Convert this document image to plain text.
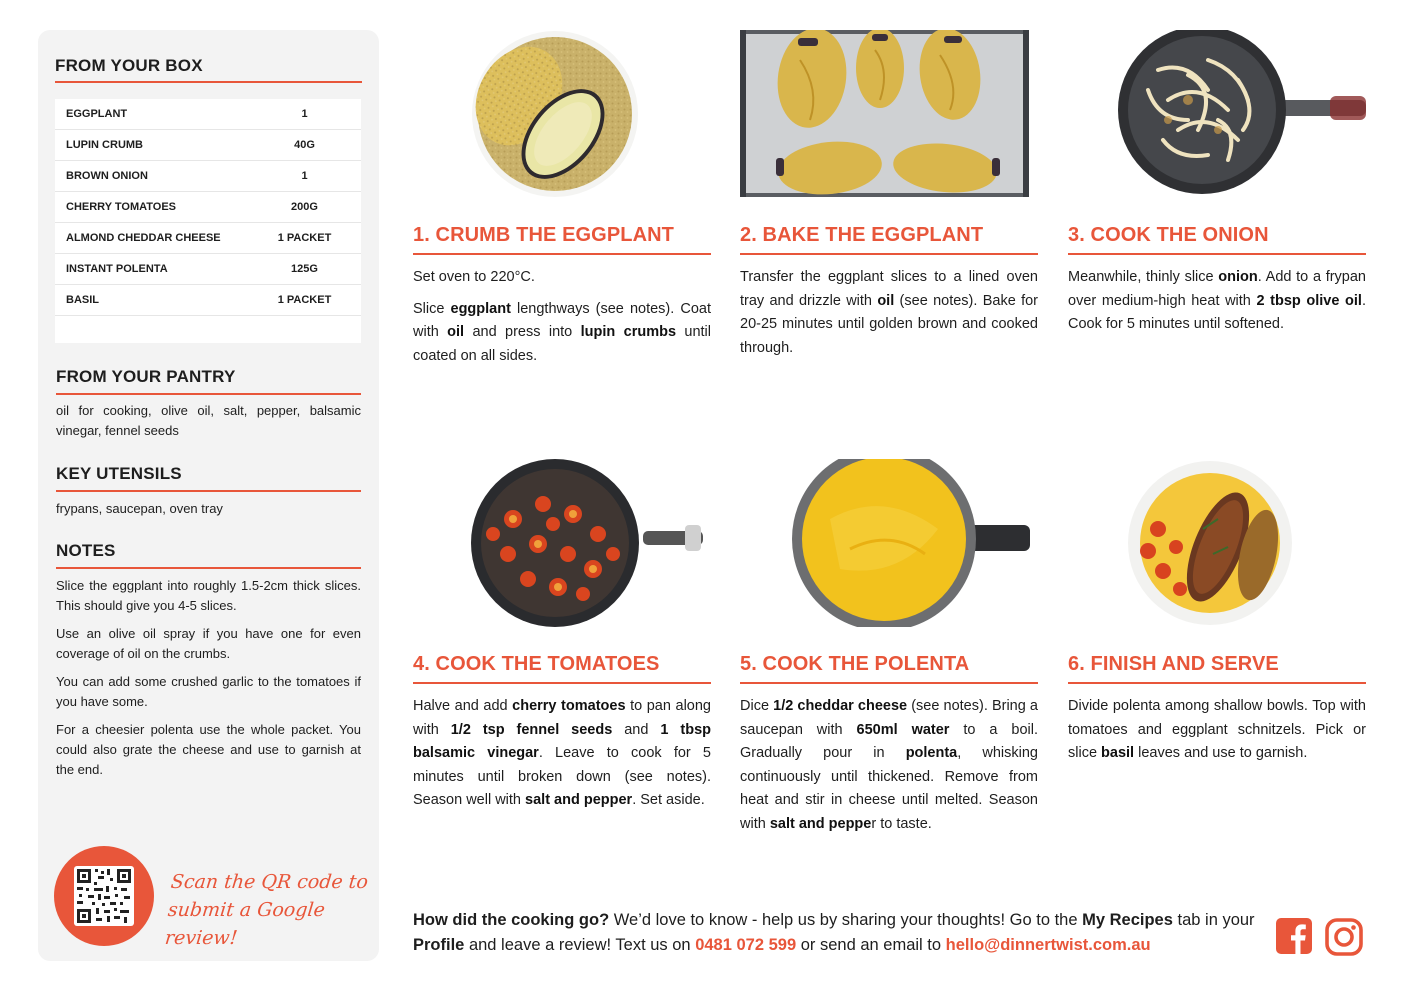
FROM YOUR BOX
EGGPLANT	1
LUPIN CRUMB	40G
BROWN ONION	1
CHERRY TOMATOES	200G
ALMOND CHEDDAR CHEESE	1 PACKET
INSTANT POLENTA	125G
BASIL	1 PACKET
FROM YOUR PANTRY
oil for cooking, olive oil, salt, pepper, balsamic vinegar, fennel seeds
KEY UTENSILS
frypans, saucepan, oven tray
NOTES

Slice the eggplant into roughly 1.5-2cm thick slices. This should give you 4-5 slices.

Use an olive oil spray if you have one for even coverage of oil on the crumbs.

You can add some crushed garlic to the tomatoes if you have some.

For a cheesier polenta use the whole packet. You could also grate the cheese and use to garnish at the end.

Scan the QR code to
submit a Google review!
1. CRUMB THE EGGPLANT

Set oven to 220°C.

Slice eggplant lengthways (see notes). Coat with oil and press into lupin crumbs until coated on all sides.

2. BAKE THE EGGPLANT

Transfer the eggplant slices to a lined oven tray and drizzle with oil (see notes). Bake for 20-25 minutes until golden brown and cooked through.

3. COOK THE ONION

Meanwhile, thinly slice onion. Add to a frypan over medium-high heat with 2 tbsp olive oil. Cook for 5 minutes until softened.

4. COOK THE TOMATOES

Halve and add cherry tomatoes to pan along with 1/2 tsp fennel seeds and 1 tbsp balsamic vinegar. Leave to cook for 5 minutes until broken down (see notes). Season well with salt and pepper. Set aside.

5. COOK THE POLENTA

Dice 1/2 cheddar cheese (see notes). Bring a saucepan with 650ml water to a boil. Gradually pour in polenta, whisking continuously until thickened. Remove from heat and stir in cheese until melted. Season with salt and pepper to taste.

6. FINISH AND SERVE

Divide polenta among shallow bowls. Top with tomatoes and eggplant schnitzels. Pick or slice basil leaves and use to garnish.

How did the cooking go? We’d love to know - help us by sharing your thoughts! Go to the My Recipes tab in your Profile and leave a review! Text us on 0481 072 599 or send an email to hello@dinnertwist.com.au
